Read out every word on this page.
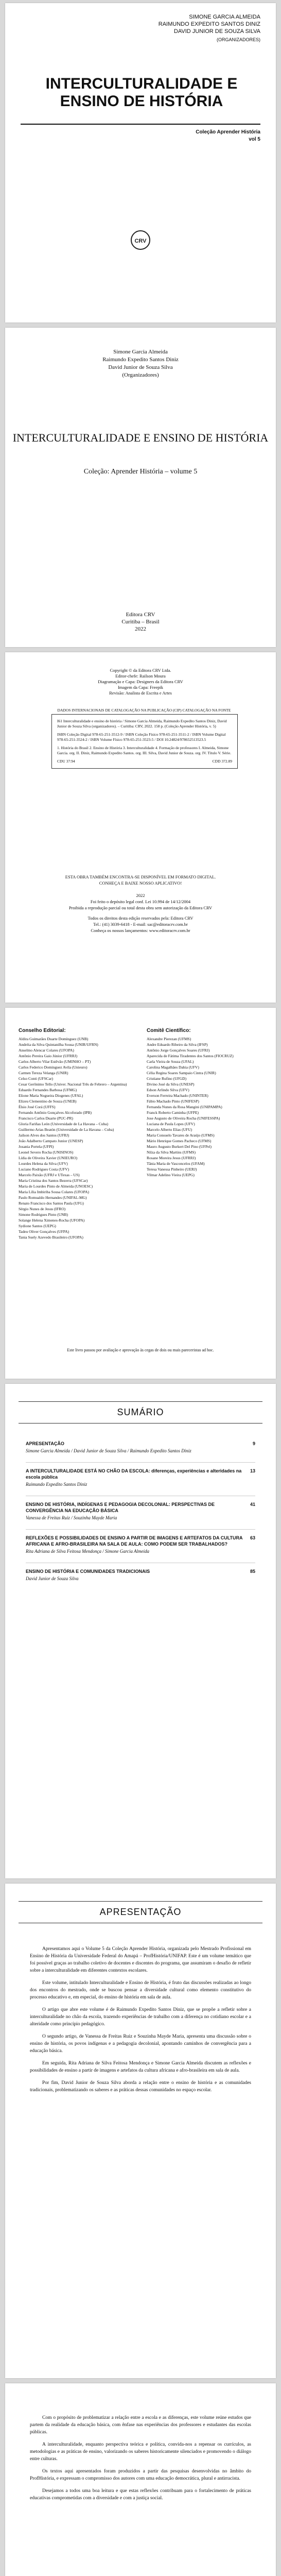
SIMONE GARCIA ALMEIDA
RAIMUNDO EXPEDITO SANTOS DINIZ
DAVID JUNIOR DE SOUZA SILVA
(ORGANIZADORES)
INTERCULTURALIDADE E ENSINO DE HISTÓRIA
Coleção Aprender História
vol 5
CRV
Simone Garcia Almeida
Raimundo Expedito Santos Diniz
David Junior de Souza Silva
(Organizadores)
INTERCULTURALIDADE E ENSINO DE HISTÓRIA
Coleção: Aprender História – volume 5
Editora CRV
Curitiba – Brasil
2022
Copyright © da Editora CRV Ltda.
Editor-chefe: Railson Moura
Diagramação e Capa: Designers da Editora CRV
Imagem da Capa: Freepik
Revisão: Analista de Escrita e Artes
DADOS INTERNACIONAIS DE CATALOGAÇÃO NA PUBLICAÇÃO (CIP) CATALOGAÇÃO NA FONTE
I61 Interculturalidade e ensino de história / Simone Garcia Almeida, Raimundo Expedito Santos Diniz, David Junior de Souza Silva (organizadores). – Curitiba: CRV, 2022. 158 p. (Coleção Aprender História, v. 5)
ISBN Coleção Digital 978-65-251-3512-9 / ISBN Coleção Físico 978-65-251-3511-2 / ISBN Volume Digital 978-65-251-3524-2 / ISBN Volume Físico 978-65-251-3523-5 / DOI 10.24824/978652513523.5
1. História do Brasil 2. Ensino de História 3. Interculturalidade 4. Formação de professores I. Almeida, Simone Garcia. org. II. Diniz, Raimundo Expedito Santos. org. III. Silva, David Junior de Souza. org. IV. Título V. Série.
CDU 37:94	CDD 372.89
ESTA OBRA TAMBÉM ENCONTRA-SE DISPONÍVEL EM FORMATO DIGITAL.
CONHEÇA E BAIXE NOSSO APLICATIVO!
2022
Foi feito o depósito legal conf. Lei 10.994 de 14/12/2004
Proibida a reprodução parcial ou total desta obra sem autorização da Editora CRV
Todos os direitos desta edição reservados pela: Editora CRV
Tel.: (41) 3039-6418 - E-mail: sac@editoracrv.com.br
Conheça os nossos lançamentos: www.editoracrv.com.br
Conselho Editorial:
Aldira Guimarães Duarte Domínguez (UNB)
Andréia da Silva Quintanilha Sousa (UNIR/UFRN)
Anselmo Alencar Colares (UFOPA)
Antônio Pereira Gaio Júnior (UFRRJ)
Carlos Alberto Vilar Estêvão (UMINHO – PT)
Carlos Federico Dominguez Avila (Unieuro)
Carmen Tereza Velanga (UNIR)
Celso Conti (UFSCar)
Cesar Gerônimo Tello (Univer. Nacional Três de Febrero – Argentina)
Eduardo Fernandes Barbosa (UFMG)
Elione Maria Nogueira Diogenes (UFAL)
Elizeu Clementino de Souza (UNEB)
Élsio José Corá (UFFS)
Fernando Antônio Gonçalves Alcoforado (IPB)
Francisco Carlos Duarte (PUC-PR)
Gloria Fariñas León (Universidade de La Havana – Cuba)
Guillermo Arias Beatón (Universidade de La Havana – Cuba)
Jailson Alves dos Santos (UFRJ)
João Adalberto Campato Junior (UNESP)
Josania Portela (UFPI)
Leonel Severo Rocha (UNISINOS)
Lídia de Oliveira Xavier (UNIEURO)
Lourdes Helena da Silva (UFV)
Luciano Rodrigues Costa (UFV)
Marcelo Paixão (UFRJ e UTexas – US)
Maria Cristina dos Santos Bezerra (UFSCar)
Maria de Lourdes Pinto de Almeida (UNOESC)
Maria Lília Imbiriba Sousa Colares (UFOPA)
Paulo Romualdo Hernandes (UNIFAL-MG)
Renato Francisco dos Santos Paula (UFG)
Sérgio Nunes de Jesus (IFRO)
Simone Rodrigues Pinto (UNB)
Solange Helena Ximenes-Rocha (UFOPA)
Sydione Santos (UEPG)
Tadeu Oliver Gonçalves (UFPA)
Tania Suely Azevedo Brasileiro (UFOPA)
Comitê Científico:
Alexandre Pierezan (UFMS)
Andre Eduardo Ribeiro da Silva (IFSP)
Antônio Jorge Gonçalves Soares (UFRJ)
Aparecida de Fátima Tiradentes dos Santos (FIOCRUZ)
Carla Vieira de Souza (UFAL)
Carolina Magalhães Dahia (UFV)
Célia Regina Soares Sampaio Cintra (UNIR)
Cristiane Rufino (UFGD)
Divino José da Silva (UNESP)
Edson Arlindo Silva (UFV)
Everson Ferreira Machado (UNINTER)
Fábio Machado Pinto (UNIFESP)
Fernanda Nunes da Rosa Mangini (UNIPAMPA)
Franck Roberto Caminha (UFPE)
Jose Augusto de Oliveira Rocha (UNIFESSPA)
Luciana de Paula Lopes (UFV)
Marcelo Alberto Elias (UFU)
Maria Consuelo Tavares de Araújo (UFMS)
Mário Henrique Gomes Pacheco (UFMS)
Mauro Augusto Burkert Del Pino (UFPel)
Nilza da Silva Martins (UFMS)
Rosane Moreira Jesus (UFRRJ)
Tânia Maria de Vasconcelos (UFAM)
Teresa Vanessa Pinheiro (UERJ)
Vilmar Adelino Vieira (UEPG)
Este livro passou por avaliação e aprovação às cegas de dois ou mais pareceristas ad hoc.
SUMÁRIO
APRESENTAÇÃO	9
Simone Garcia Almeida / David Junior de Souza Silva / Raimundo Expedito Santos Diniz
A INTERCULTURALIDADE ESTÁ NO CHÃO DA ESCOLA: diferenças, experiências e alteridades na escola pública
13
Raimundo Expedito Santos Diniz
ENSINO DE HISTÓRIA, INDÍGENAS E PEDAGOGIA DECOLONIAL: PERSPECTIVAS DE CONVERGÊNCIA NA EDUCAÇÃO BÁSICA
41
Vanessa de Freitas Ruiz / Souzinha Mayde Maria
REFLEXÕES E POSSIBILIDADES DE ENSINO A PARTIR DE IMAGENS E ARTEFATOS DA CULTURA AFRICANA E AFRO-BRASILEIRA NA SALA DE AULA: COMO PODEM SER TRABALHADOS?
63
Rita Adriana de Silva Feitosa Mendonça / Simone Garcia Almeida
ENSINO DE HISTÓRIA E COMUNIDADES TRADICIONAIS	85
David Junior de Souza Silva
APRESENTAÇÃO

Apresentamos aqui o Volume 5 da Coleção Aprender História, organizada pelo Mestrado Profissional em Ensino de História da Universidade Federal do Amapá – ProfHistória/UNIFAP. Este é um volume temático que foi possível graças ao trabalho coletivo de docentes e discentes do programa, que assumiram o desafio de refletir sobre a interculturalidade em diferentes contextos escolares.

Este volume, intitulado Interculturalidade e Ensino de História, é fruto das discussões realizadas ao longo dos encontros do mestrado, onde se buscou pensar a diversidade cultural como elemento constitutivo do processo educativo e, em especial, do ensino de história em sala de aula.

O artigo que abre este volume é de Raimundo Expedito Santos Diniz, que se propõe a refletir sobre a interculturalidade no chão da escola, trazendo experiências de trabalho com a diferença no cotidiano escolar e a alteridade como princípio pedagógico.

O segundo artigo, de Vanessa de Freitas Ruiz e Souzinha Mayde Maria, apresenta uma discussão sobre o ensino de história, os povos indígenas e a pedagogia decolonial, apontando caminhos de convergência para a educação básica.

Em seguida, Rita Adriana de Silva Feitosa Mendonça e Simone Garcia Almeida discutem as reflexões e possibilidades de ensino a partir de imagens e artefatos da cultura africana e afro-brasileira em sala de aula.

Por fim, David Junior de Souza Silva aborda a relação entre o ensino de história e as comunidades tradicionais, problematizando os saberes e as práticas dessas comunidades no espaço escolar.

Com o propósito de problematizar a relação entre a escola e as diferenças, este volume reúne estudos que partem da realidade da educação básica, com ênfase nas experiências dos professores e estudantes das escolas públicas.

A interculturalidade, enquanto perspectiva teórica e política, convida-nos a repensar os currículos, as metodologias e as práticas de ensino, valorizando os saberes historicamente silenciados e promovendo o diálogo entre culturas.

Os textos aqui apresentados foram produzidos a partir das pesquisas desenvolvidas no âmbito do ProfHistória, e expressam o compromisso dos autores com uma educação democrática, plural e antirracista.

Desejamos a todos uma boa leitura e que estas reflexões contribuam para o fortalecimento de práticas educativas comprometidas com a diversidade e com a justiça social.
